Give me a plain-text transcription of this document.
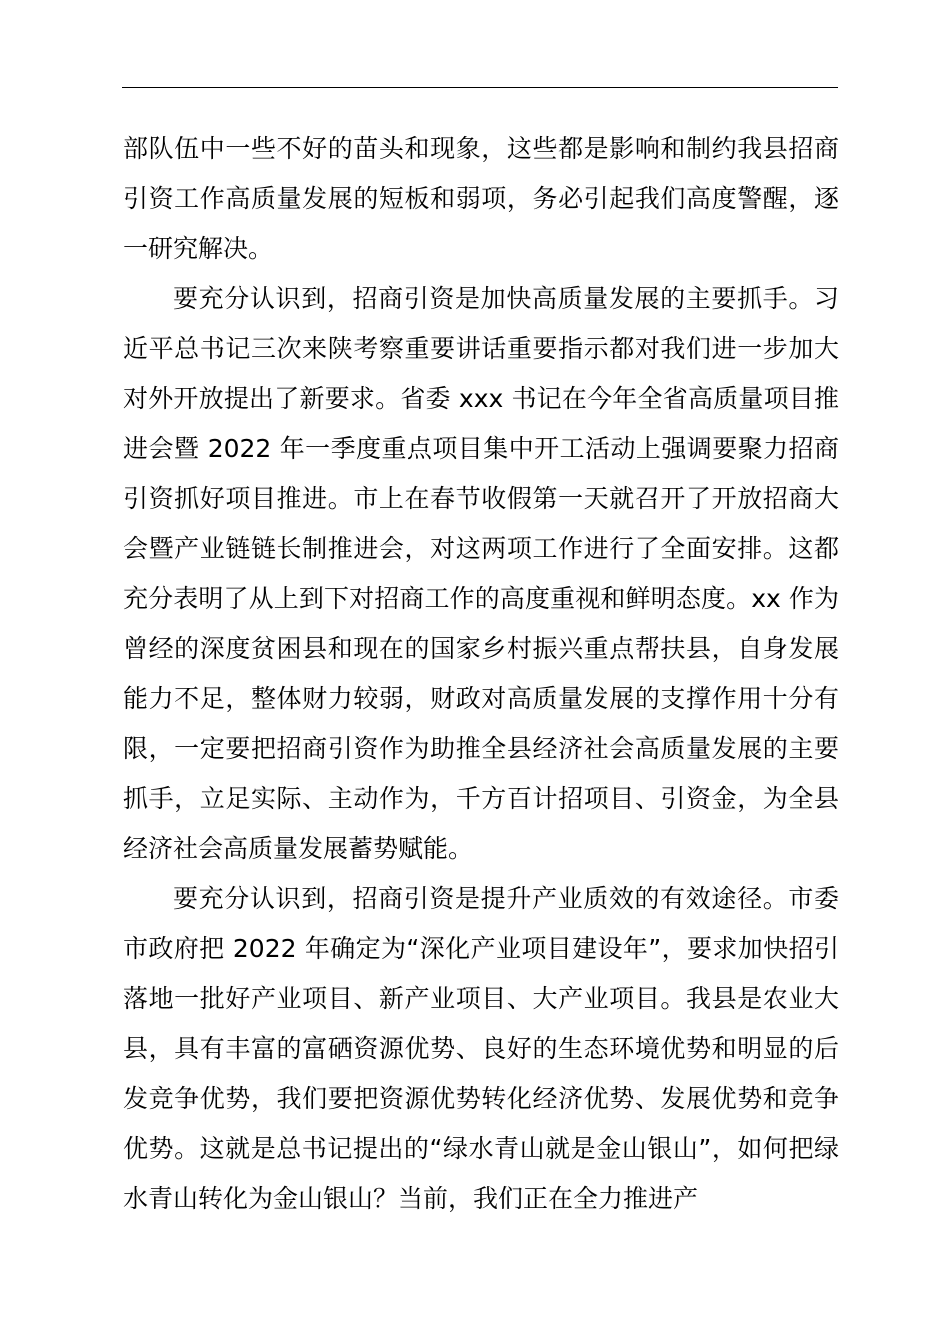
部队伍中一些不好的苗头和现象，这些都是影响和制约我县招商引资工作高质量发展的短板和弱项，务必引起我们高度警醒，逐一研究解决。

要充分认识到，招商引资是加快高质量发展的主要抓手。习近平总书记三次来陕考察重要讲话重要指示都对我们进一步加大对外开放提出了新要求。省委 xxx 书记在今年全省高质量项目推进会暨 2022 年一季度重点项目集中开工活动上强调要聚力招商引资抓好项目推进。市上在春节收假第一天就召开了开放招商大会暨产业链链长制推进会，对这两项工作进行了全面安排。这都充分表明了从上到下对招商工作的高度重视和鲜明态度。xx 作为曾经的深度贫困县和现在的国家乡村振兴重点帮扶县，自身发展能力不足，整体财力较弱，财政对高质量发展的支撑作用十分有限，一定要把招商引资作为助推全县经济社会高质量发展的主要抓手，立足实际、主动作为，千方百计招项目、引资金，为全县经济社会高质量发展蓄势赋能。

要充分认识到，招商引资是提升产业质效的有效途径。市委市政府把 2022 年确定为“深化产业项目建设年”，要求加快招引落地一批好产业项目、新产业项目、大产业项目。我县是农业大县，具有丰富的富硒资源优势、良好的生态环境优势和明显的后发竞争优势，我们要把资源优势转化经济优势、发展优势和竞争优势。这就是总书记提出的“绿水青山就是金山银山”，如何把绿水青山转化为金山银山？当前，我们正在全力推进产
